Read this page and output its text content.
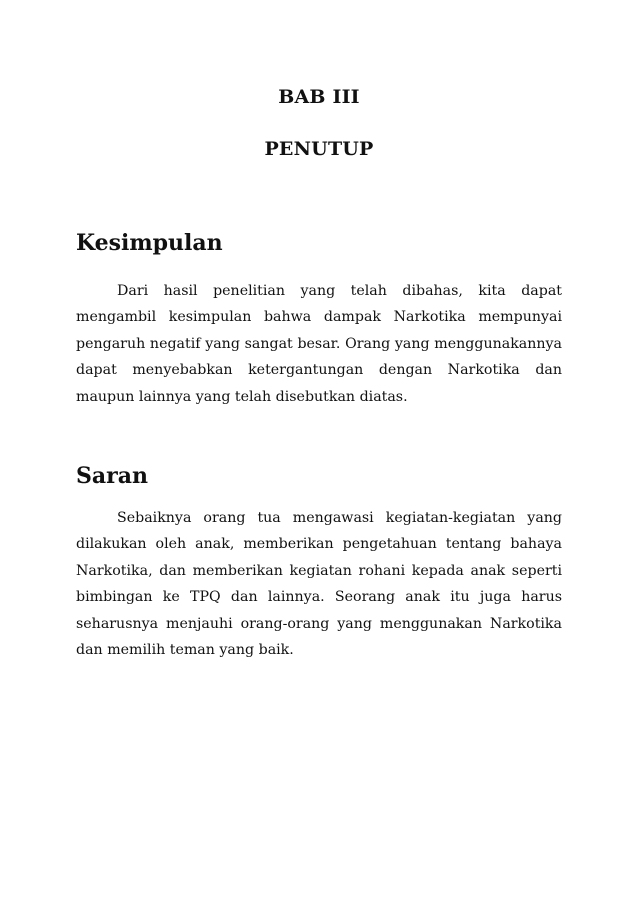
BAB III
PENUTUP
Kesimpulan

Dari hasil penelitian yang telah dibahas, kita dapat mengambil kesimpulan bahwa dampak Narkotika mempunyai pengaruh negatif yang sangat besar. Orang yang menggunakannya dapat menyebabkan ketergantungan dengan Narkotika dan maupun lainnya yang telah disebutkan diatas.

Saran

Sebaiknya orang tua mengawasi kegiatan-kegiatan yang dilakukan oleh anak, memberikan pengetahuan tentang bahaya Narkotika, dan memberikan kegiatan rohani kepada anak seperti bimbingan ke TPQ dan lainnya. Seorang anak itu juga harus seharusnya menjauhi orang-orang yang menggunakan Narkotika dan memilih teman yang baik.
